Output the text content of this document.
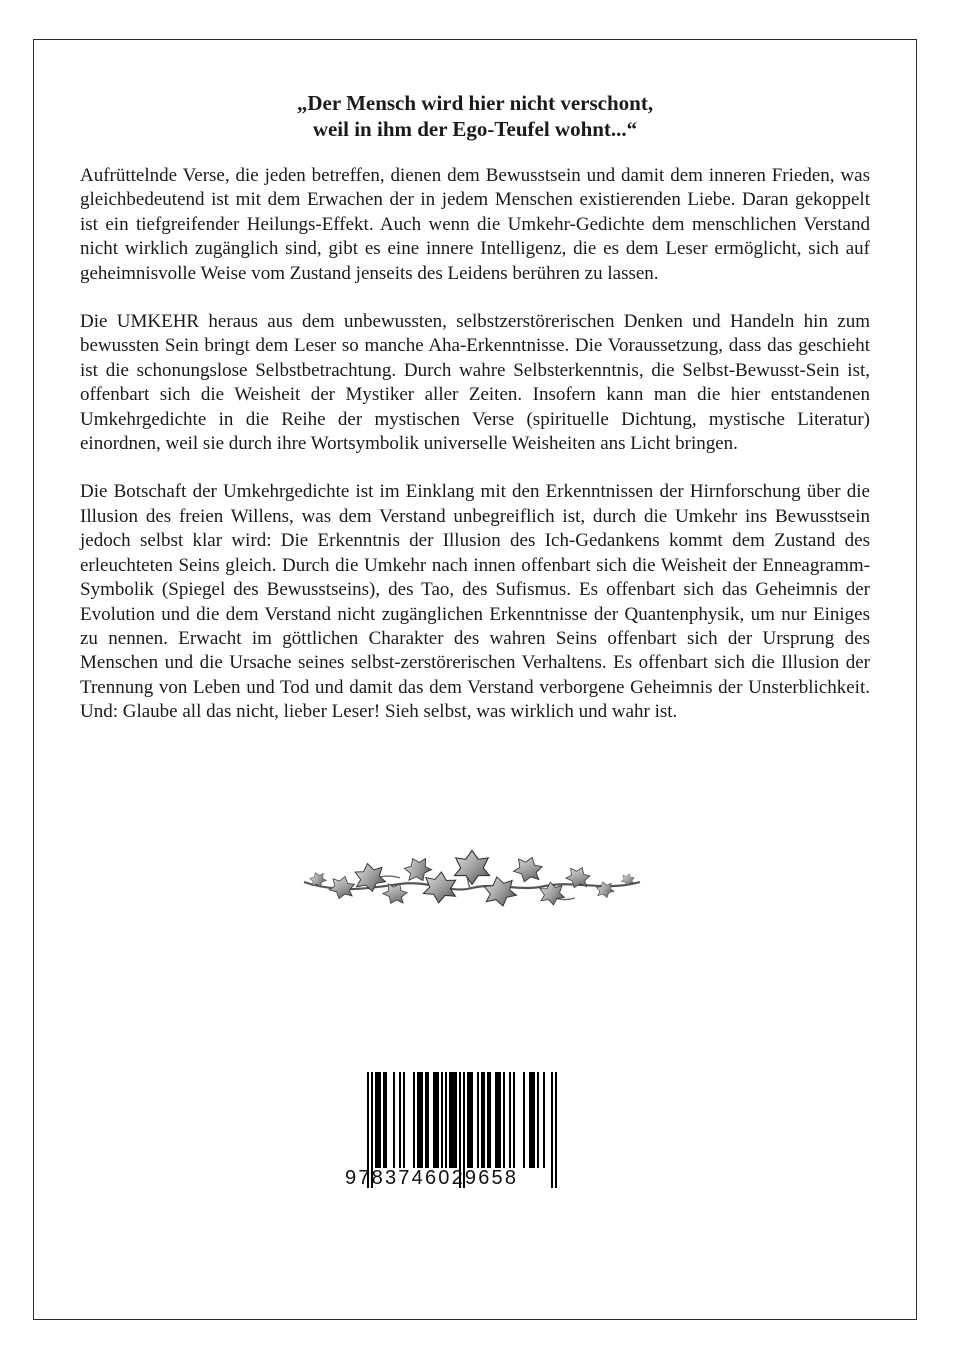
„Der Mensch wird hier nicht verschont,
weil in ihm der Ego-Teufel wohnt...“

Aufrüttelnde Verse, die jeden betreffen, dienen dem Bewusstsein und damit dem inneren Frieden, was gleichbedeutend ist mit dem Erwachen der in jedem Menschen existierenden Liebe. Daran gekoppelt ist ein tiefgreifender Heilungs-Effekt. Auch wenn die Umkehr-Gedichte dem menschlichen Verstand nicht wirklich zugänglich sind, gibt es eine innere Intelligenz, die es dem Leser ermöglicht, sich auf geheimnisvolle Weise vom Zustand jenseits des Leidens berühren zu lassen.

Die UMKEHR heraus aus dem unbewussten, selbstzerstörerischen Denken und Handeln hin zum bewussten Sein bringt dem Leser so manche Aha-Erkenntnisse. Die Voraussetzung, dass das geschieht ist die schonungslose Selbstbetrachtung. Durch wahre Selbsterkenntnis, die Selbst-Bewusst-Sein ist, offenbart sich die Weisheit der Mystiker aller Zeiten. Insofern kann man die hier entstandenen Umkehrgedichte in die Reihe der mystischen Verse (spirituelle Dichtung, mystische Literatur) einordnen, weil sie durch ihre Wortsymbolik universelle Weisheiten ans Licht bringen.

Die Botschaft der Umkehrgedichte ist im Einklang mit den Erkenntnissen der Hirnforschung über die Illusion des freien Willens, was dem Verstand unbegreiflich ist, durch die Umkehr ins Bewusstsein jedoch selbst klar wird: Die Erkenntnis der Illusion des Ich-Gedankens kommt dem Zustand des erleuchteten Seins gleich. Durch die Umkehr nach innen offenbart sich die Weisheit der Enneagramm-Symbolik (Spiegel des Bewusstseins), des Tao, des Sufismus. Es offenbart sich das Geheimnis der Evolution und die dem Verstand nicht zugänglichen Erkenntnisse der Quantenphysik, um nur Einiges zu nennen. Erwacht im göttlichen Charakter des wahren Seins offenbart sich der Ursprung des Menschen und die Ursache seines selbst-zerstörerischen Verhaltens. Es offenbart sich die Illusion der Trennung von Leben und Tod und damit das dem Verstand verborgene Geheimnis der Unsterblichkeit. Und: Glaube all das nicht, lieber Leser! Sieh selbst, was wirklich und wahr ist.

9783746029658
